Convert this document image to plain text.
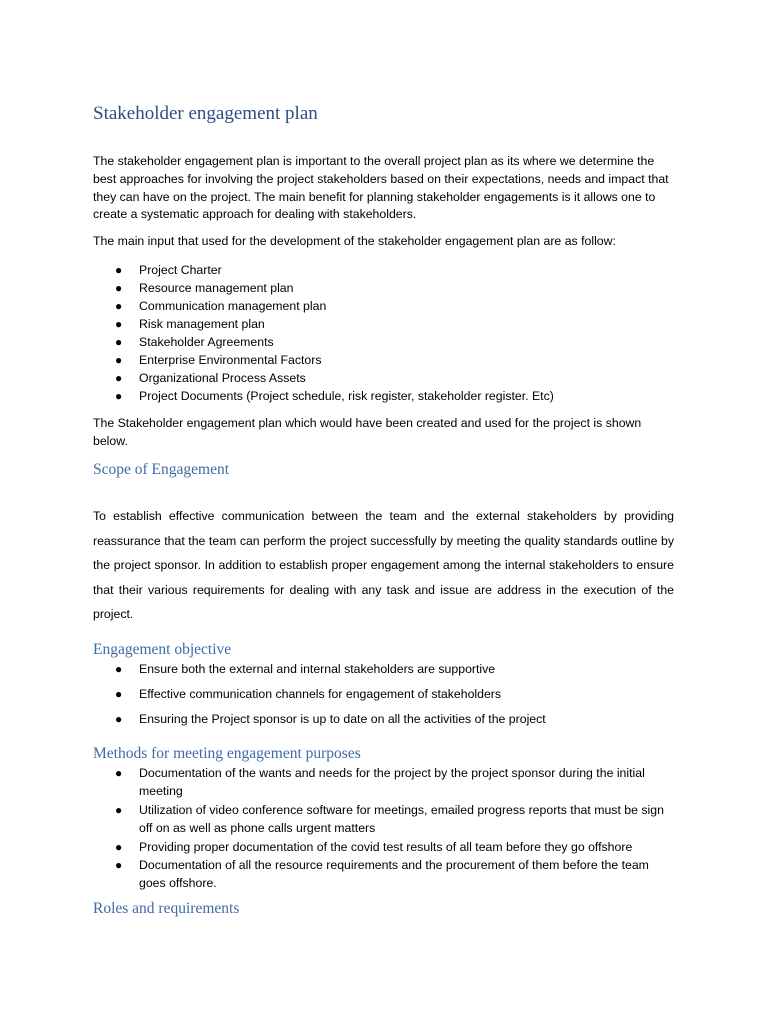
Stakeholder engagement plan

The stakeholder engagement plan is important to the overall project plan as its where we determine the best approaches for involving the project stakeholders based on their expectations, needs and impact that they can have on the project. The main benefit for planning stakeholder engagements is it allows one to create a systematic approach for dealing with stakeholders.

The main input that used for the development of the stakeholder engagement plan are as follow:

● Project Charter
● Resource management plan
● Communication management plan
● Risk management plan
● Stakeholder Agreements
● Enterprise Environmental Factors
● Organizational Process Assets
● Project Documents (Project schedule, risk register, stakeholder register. Etc)

The Stakeholder engagement plan which would have been created and used for the project is shown below.

Scope of Engagement

To establish effective communication between the team and the external stakeholders by providing reassurance that the team can perform the project successfully by meeting the quality standards outline by the project sponsor. In addition to establish proper engagement among the internal stakeholders to ensure that their various requirements for dealing with any task and issue are address in the execution of the project.

Engagement objective
● Ensure both the external and internal stakeholders are supportive
● Effective communication channels for engagement of stakeholders
● Ensuring the Project sponsor is up to date on all the activities of the project
Methods for meeting engagement purposes
● Documentation of the wants and needs for the project by the project sponsor during the initial meeting
● Utilization of video conference software for meetings, emailed progress reports that must be sign off on as well as phone calls urgent matters
● Providing proper documentation of the covid test results of all team before they go offshore
● Documentation of all the resource requirements and the procurement of them before the team goes offshore.
Roles and requirements
